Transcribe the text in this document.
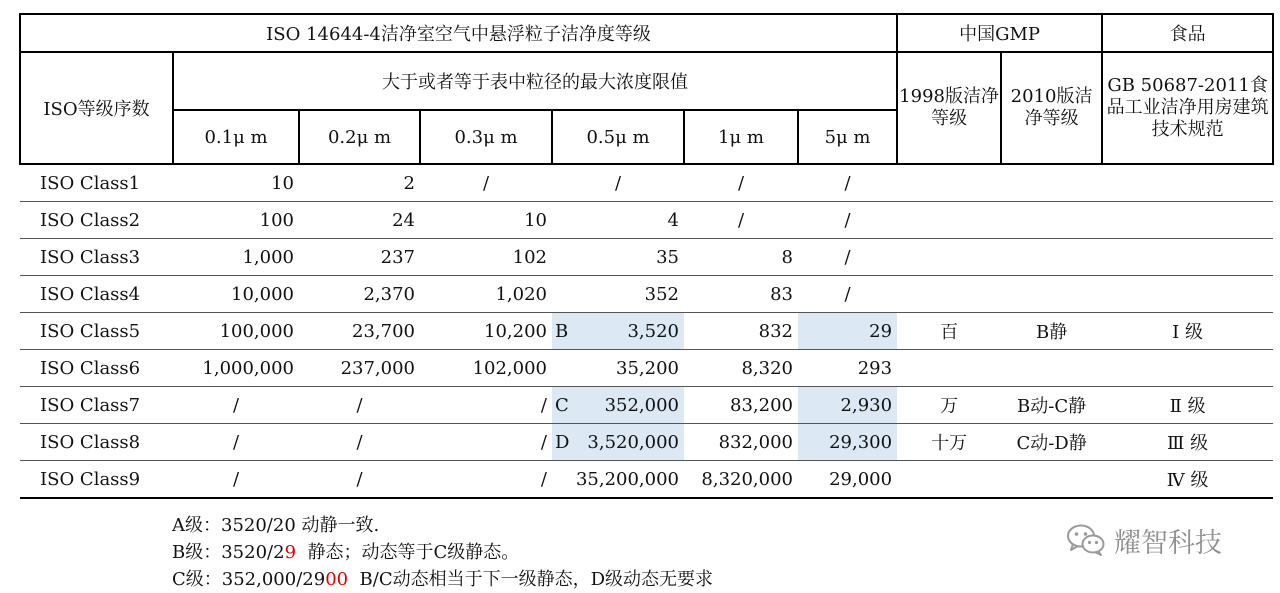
ISO 14644-4洁净室空气中悬浮粒子洁净度等级							中国GMP		食品
ISO等级序数	大于或者等于表中粒径的最大浓度限值						1998版洁净等级	2010版洁净等级	GB 50687-2011食品工业洁净用房建筑技术规范
	0.1μ m	0.2μ m	0.3μ m	0.5μ m	1μ m	5μ m			
ISO Class1	10	2	/	/	/	/			
ISO Class2	100	24	10	4	/	/			
ISO Class3	1,000	237	102	35	8	/			
ISO Class4	10,000	2,370	1,020	352	83	/			
ISO Class5	100,000	23,700	10,200	B 3,520	832	29	百	B静	Ⅰ 级
ISO Class6	1,000,000	237,000	102,000	35,200	8,320	293			
ISO Class7	/	/	/	C 352,000	83,200	2,930	万	B动-C静	Ⅱ 级
ISO Class8	/	/	/	D 3,520,000	832,000	29,300	十万	C动-D静	Ⅲ 级
ISO Class9	/	/	/	35,200,000	8,320,000	29,000			Ⅳ 级
A级：3520/20 动静一致.
B级：3520/29  静态；动态等于C级静态。
C级：352,000/2900  B/C动态相当于下一级静态，D级动态无要求
耀智科技
